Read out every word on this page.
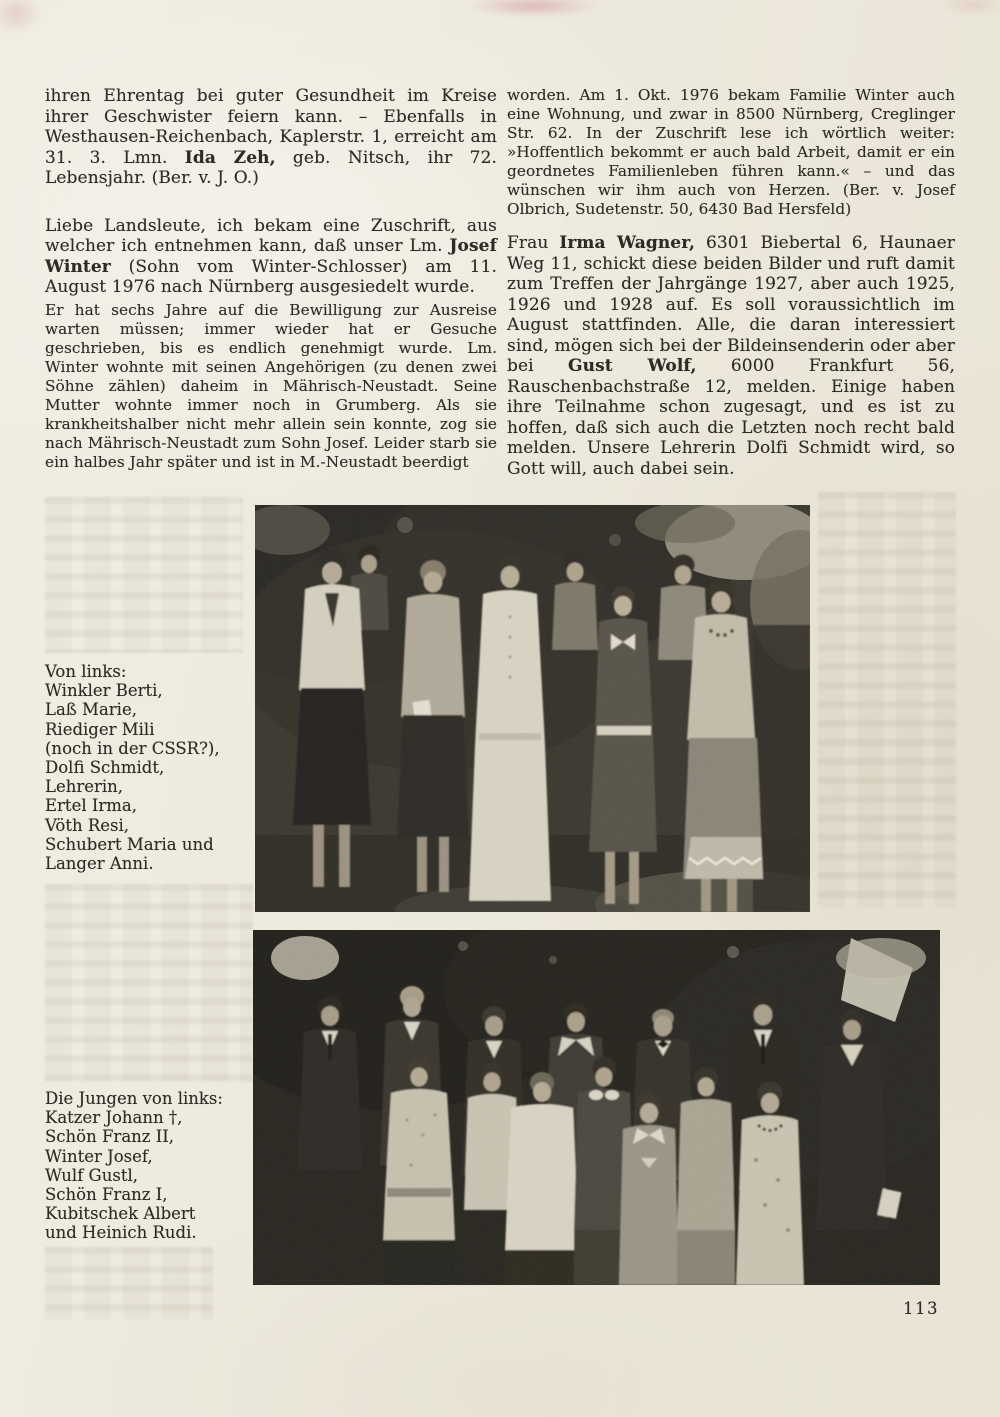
ihren Ehrentag bei guter Gesundheit im Kreise ihrer Geschwister feiern kann. – Ebenfalls in Westhausen-Reichenbach, Kaplerstr. 1, erreicht am 31. 3. Lmn. Ida Zeh, geb. Nitsch, ihr 72. Lebensjahr. (Ber. v. J. O.)

Liebe Landsleute, ich bekam eine Zuschrift, aus welcher ich entnehmen kann, daß unser Lm. Josef Winter (Sohn vom Winter-Schlosser) am 11. August 1976 nach Nürnberg ausgesiedelt wurde.

Er hat sechs Jahre auf die Bewilligung zur Ausreise warten müssen; immer wieder hat er Gesuche geschrieben, bis es endlich genehmigt wurde. Lm. Winter wohnte mit seinen Angehörigen (zu denen zwei Söhne zählen) daheim in Mährisch-Neustadt. Seine Mutter wohnte immer noch in Grumberg. Als sie krankheitshalber nicht mehr allein sein konnte, zog sie nach Mährisch-Neustadt zum Sohn Josef. Leider starb sie ein halbes Jahr später und ist in M.-Neustadt beerdigt

worden. Am 1. Okt. 1976 bekam Familie Winter auch eine Wohnung, und zwar in 8500 Nürnberg, Creglinger Str. 62. In der Zuschrift lese ich wörtlich weiter: »Hoffentlich bekommt er auch bald Arbeit, damit er ein geordnetes Familienleben führen kann.« – und das wünschen wir ihm auch von Herzen. (Ber. v. Josef Olbrich, Sudetenstr. 50, 6430 Bad Hersfeld)

Frau Irma Wagner, 6301 Biebertal 6, Haunaer Weg 11, schickt diese beiden Bilder und ruft damit zum Treffen der Jahrgänge 1927, aber auch 1925, 1926 und 1928 auf. Es soll voraussichtlich im August stattfinden. Alle, die daran interessiert sind, mögen sich bei der Bildeinsenderin oder aber bei Gust Wolf, 6000 Frankfurt 56, Rauschenbachstraße 12, melden. Einige haben ihre Teilnahme schon zugesagt, und es ist zu hoffen, daß sich auch die Letzten noch recht bald melden. Unsere Lehrerin Dolfi Schmidt wird, so Gott will, auch dabei sein.

Von links:
Winkler Berti,
Laß Marie,
Riediger Mili
(noch in der CSSR?),
Dolfi Schmidt,
Lehrerin,
Ertel Irma,
Vöth Resi,
Schubert Maria und
Langer Anni.
Die Jungen von links:
Katzer Johann †,
Schön Franz II,
Winter Josef,
Wulf Gustl,
Schön Franz I,
Kubitschek Albert
und Heinich Rudi.
113
